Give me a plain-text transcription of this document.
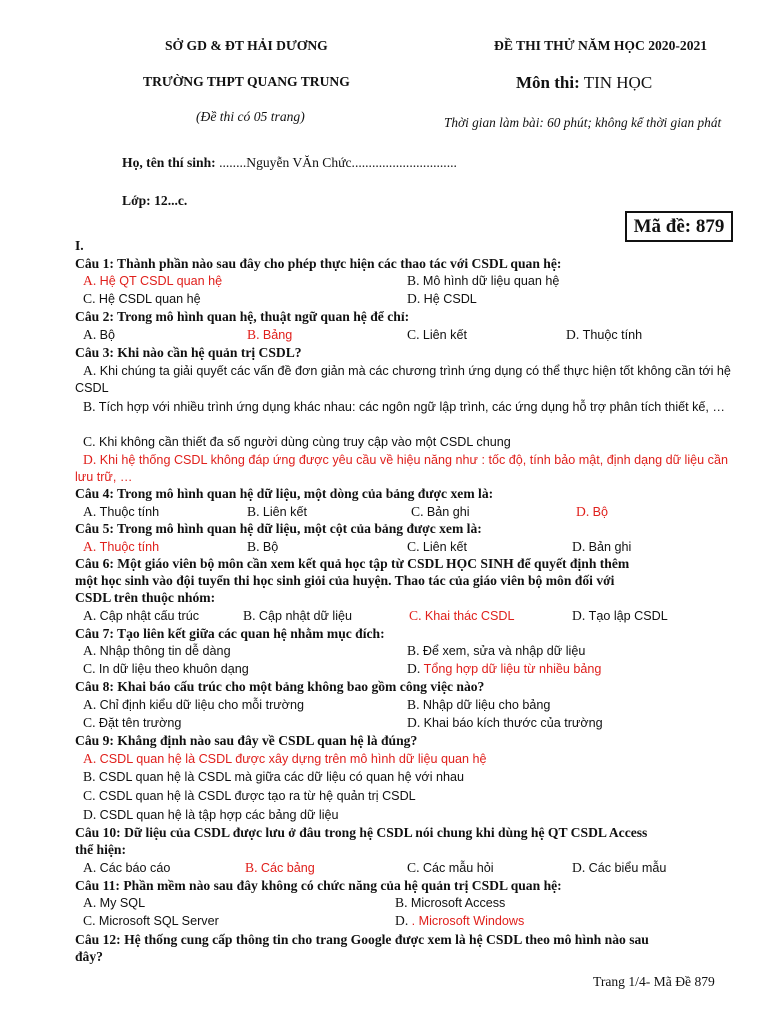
SỞ GD & ĐT HẢI DƯƠNG
TRƯỜNG THPT QUANG TRUNG
(Đề thi có 05 trang)
ĐỀ THI THỬ NĂM HỌC 2020-2021
Môn thi: TIN HỌC
Thời gian làm bài: 60 phút; không kể thời gian phát
Họ, tên thí sinh: ........Nguyễn VĂn Chức...............................
Lớp: 12...c.
Mã đề: 879
I.
Câu 1: Thành phần nào sau đây cho phép thực hiện các thao tác với CSDL quan hệ:
A. Hệ QT CSDL quan hệ	B. Mô hình dữ liệu quan hệ
C. Hệ CSDL quan hệ	D. Hệ CSDL
Câu 2: Trong mô hình quan hệ, thuật ngữ quan hệ để chỉ:
A. Bộ	B. Bảng	C. Liên kết	D. Thuộc tính
Câu 3: Khi nào cần hệ quản trị CSDL?
A. Khi chúng ta giải quyết các vấn đề đơn giản mà các chương trình ứng dụng có thể thực hiện tốt không cần tới hệ CSDL
B. Tích hợp với nhiều trình ứng dụng khác nhau: các ngôn ngữ lập trình, các ứng dụng hỗ trợ phân tích thiết kế, …
C. Khi không cần thiết đa số người dùng cùng truy cập vào một CSDL chung
D. Khi hệ thống CSDL không đáp ứng được yêu cầu về hiệu năng như : tốc độ, tính bảo mật, định dạng dữ liệu cần lưu trữ, …
Câu 4: Trong mô hình quan hệ dữ liệu, một dòng của bảng được xem là:
A. Thuộc tính	B. Liên kết	C. Bản ghi	D. Bộ
Câu 5: Trong mô hình quan hệ dữ liệu, một cột của bảng được xem là:
A. Thuộc tính	B. Bộ	C. Liên kết	D. Bản ghi
Câu 6: Một giáo viên bộ môn cần xem kết quả học tập từ CSDL HỌC SINH để quyết định thêm
một học sinh vào đội tuyển thi học sinh giỏi của huyện. Thao tác của giáo viên bộ môn đối với
CSDL trên thuộc nhóm:
A. Cập nhật cấu trúc	B. Cập nhật dữ liệu	C. Khai thác CSDL	D. Tạo lập CSDL
Câu 7: Tạo liên kết giữa các quan hệ nhằm mục đích:
A. Nhập thông tin dễ dàng	B. Để xem, sửa và nhập dữ liệu
C. In dữ liệu theo khuôn dạng	D. Tổng hợp dữ liệu từ nhiều bảng
Câu 8: Khai báo cấu trúc cho một bảng không bao gồm công việc nào?
A. Chỉ định kiểu dữ liệu cho mỗi trường	B. Nhập dữ liệu cho bảng
C. Đặt tên trường	D. Khai báo kích thước của trường
Câu 9: Khẳng định nào sau đây về CSDL quan hệ là đúng?
A. CSDL quan hệ là CSDL được xây dựng trên mô hình dữ liệu quan hệ
B. CSDL quan hệ là CSDL mà giữa các dữ liệu có quan hệ với nhau
C. CSDL quan hệ là CSDL được tạo ra từ hệ quản trị CSDL
D. CSDL quan hệ là tập hợp các bảng dữ liệu
Câu 10: Dữ liệu của CSDL được lưu ở đâu trong hệ CSDL nói chung khi dùng hệ QT CSDL Access
thể hiện:
A. Các báo cáo	B. Các bảng	C. Các mẫu hỏi	D. Các biểu mẫu
Câu 11: Phần mềm nào sau đây không có chức năng của hệ quản trị CSDL quan hệ:
A. My SQL	B. Microsoft Access
C. Microsoft SQL Server	D. . Microsoft Windows
Câu 12: Hệ thống cung cấp thông tin cho trang Google được xem là hệ CSDL theo mô hình nào sau
đây?
Trang 1/4- Mã Đề 879
